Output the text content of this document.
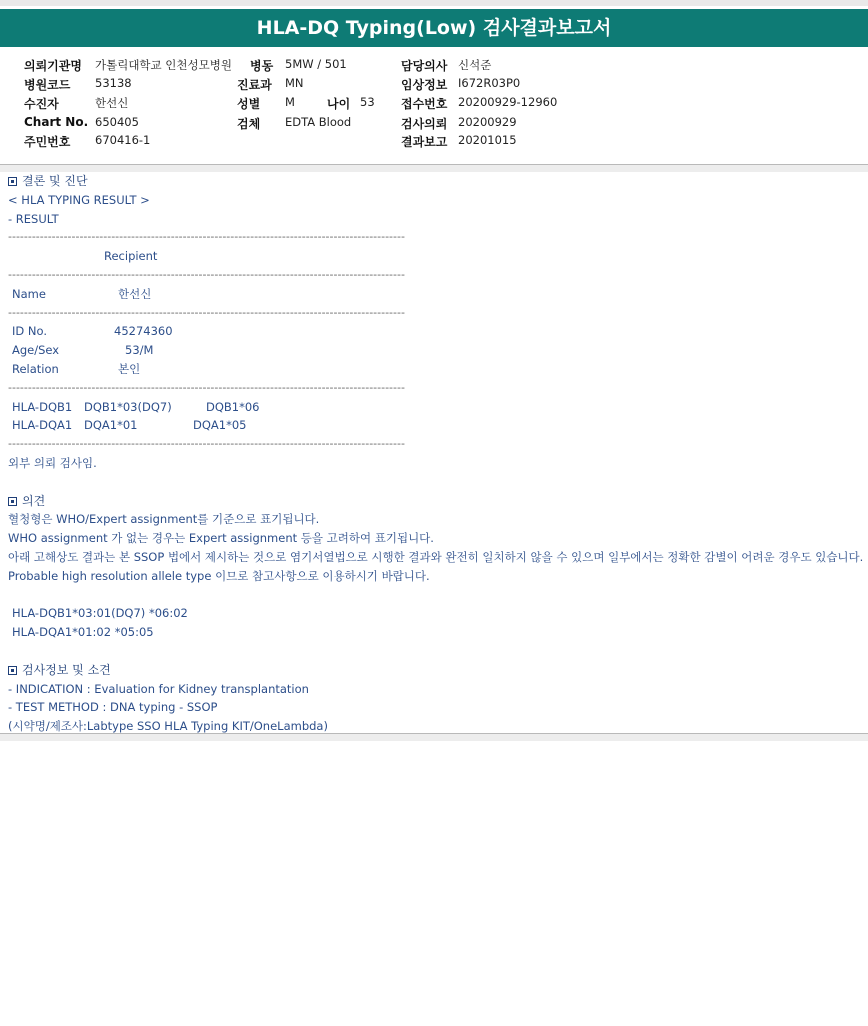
HLA-DQ Typing(Low) 검사결과보고서
의뢰기관명 가톨릭대학교 인천성모병원
병원코드 53138
수진자	한선신
Chart No. 650405
주민번호 670416-1
병동 5MW / 501
진료과 MN
성별 M	나이 53
검체 EDTA Blood
담당의사 신석준
임상정보 I672R03P0
접수번호 20200929-12960
검사의뢰 20200929
결과보고 20201015
결론 및 진단
< HLA TYPING RESULT >
- RESULT
----------------------------------------------------------------------------------------------------
Recipient
----------------------------------------------------------------------------------------------------
Name	한선신
----------------------------------------------------------------------------------------------------
ID No.	45274360
Age/Sex	53/M
Relation	본인
----------------------------------------------------------------------------------------------------
HLA-DQB1 DQB1*03(DQ7)	DQB1*06
HLA-DQA1 DQA1*01	DQA1*05
----------------------------------------------------------------------------------------------------
외부 의뢰 검사임.
의견
혈청형은 WHO/Expert assignment를 기준으로 표기됩니다.
WHO assignment 가 없는 경우는 Expert assignment 등을 고려하여 표기됩니다.
아래 고해상도 결과는 본 SSOP 법에서 제시하는 것으로 염기서열법으로 시행한 결과와 완전히 일치하지 않을 수 있으며 일부에서는 정확한 감별이 어려운 경우도 있습니다. Probable high resolution allele type 이므로 참고사항으로 이용하시기 바랍니다.
HLA-DQB1*03:01(DQ7) *06:02
HLA-DQA1*01:02 *05:05
검사정보 및 소견
- INDICATION : Evaluation for Kidney transplantation
- TEST METHOD : DNA typing - SSOP
(시약명/제조사:Labtype SSO HLA Typing KIT/OneLambda)
